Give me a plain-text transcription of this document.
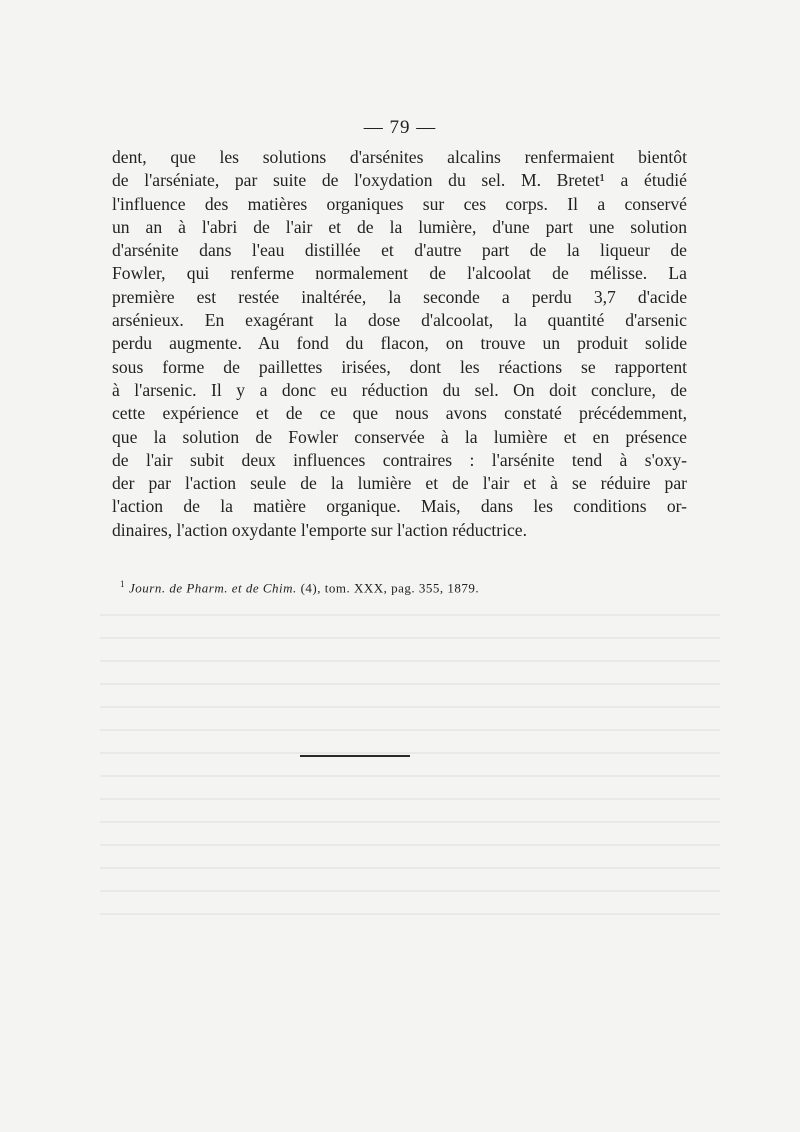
— 79 —
dent, que les solutions d'arsénites alcalins renfermaient bientôt
de l'arséniate, par suite de l'oxydation du sel. M. Bretet¹ a étudié
l'influence des matières organiques sur ces corps. Il a conservé
un an à l'abri de l'air et de la lumière, d'une part une solution
d'arsénite dans l'eau distillée et d'autre part de la liqueur de
Fowler, qui renferme normalement de l'alcoolat de mélisse. La
première est restée inaltérée, la seconde a perdu 3,7 d'acide
arsénieux. En exagérant la dose d'alcoolat, la quantité d'arsenic
perdu augmente. Au fond du flacon, on trouve un produit solide
sous forme de paillettes irisées, dont les réactions se rapportent
à l'arsenic. Il y a donc eu réduction du sel. On doit conclure, de
cette expérience et de ce que nous avons constaté précédemment,
que la solution de Fowler conservée à la lumière et en présence
de l'air subit deux influences contraires : l'arsénite tend à s'oxy-
der par l'action seule de la lumière et de l'air et à se réduire par
l'action de la matière organique. Mais, dans les conditions or-
dinaires, l'action oxydante l'emporte sur l'action réductrice.
$^1$ Journ. de Pharm. et de Chim. (4), tom. XXX, pag. 355, 1879.
